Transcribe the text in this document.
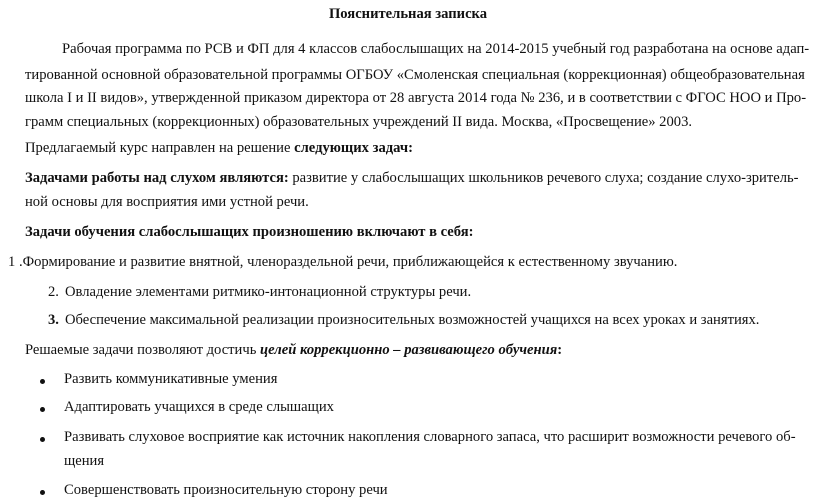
Пояснительная записка
Рабочая программа по РСВ и ФП для 4 классов слабослышащих на 2014-2015 учебный год разработана на основе адап-
тированной основной образовательной программы ОГБОУ «Смоленская специальная (коррекционная) общеобразовательная
школа I и II видов», утвержденной приказом директора от 28 августа 2014 года № 236, и в соответствии с ФГОС НОО и Про-
грамм специальных (коррекционных) образовательных учреждений II вида. Москва, «Просвещение» 2003.
Предлагаемый курс направлен на решение следующих задач:
Задачами работы над слухом являются: развитие у слабослышащих школьников речевого слуха; создание слухо-зритель-
ной основы для восприятия ими устной речи.
Задачи обучения слабослышащих произношению включают в себя:
1 .Формирование и развитие внятной, членораздельной речи, приближающейся к естественному звучанию.
2. Овладение элементами ритмико-интонационной структуры речи.
3. Обеспечение максимальной реализации произносительных возможностей учащихся на всех уроках и занятиях.
Решаемые задачи позволяют достичь целей коррекционно – развивающего обучения:
Развить коммуникативные умения
Адаптировать учащихся в среде слышащих
Развивать слуховое восприятие как источник накопления словарного запаса, что расширит возможности речевого об-
щения
Совершенствовать произносительную сторону речи
